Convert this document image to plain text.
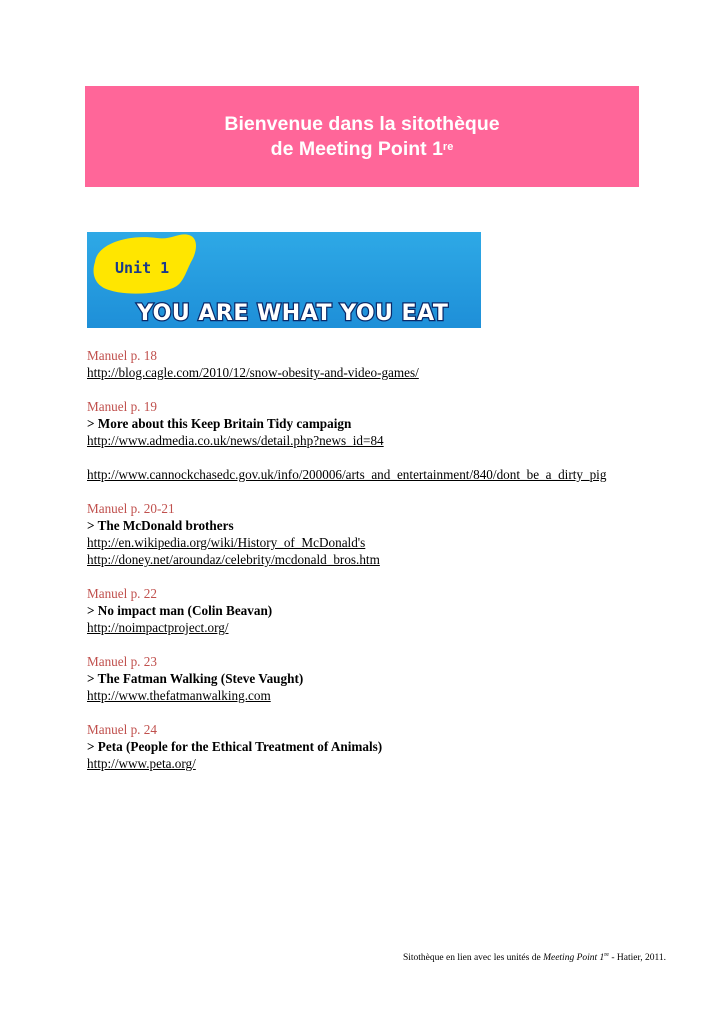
Bienvenue dans la sitothèque
de Meeting Point 1re
Unit 1
YOU ARE WHAT YOU EAT
Manuel p. 18
http://blog.cagle.com/2010/12/snow-obesity-and-video-games/
Manuel p. 19
> More about this Keep Britain Tidy campaign
http://www.admedia.co.uk/news/detail.php?news_id=84
http://www.cannockchasedc.gov.uk/info/200006/arts_and_entertainment/840/dont_be_a_dirty_pig
Manuel p. 20-21
> The McDonald brothers
http://en.wikipedia.org/wiki/History_of_McDonald's
http://doney.net/aroundaz/celebrity/mcdonald_bros.htm
Manuel p. 22
> No impact man (Colin Beavan)
http://noimpactproject.org/
Manuel p. 23
> The Fatman Walking (Steve Vaught)
http://www.thefatmanwalking.com
Manuel p. 24
> Peta (People for the Ethical Treatment of Animals)
http://www.peta.org/
Sitothèque en lien avec les unités de Meeting Point 1re - Hatier, 2011.
